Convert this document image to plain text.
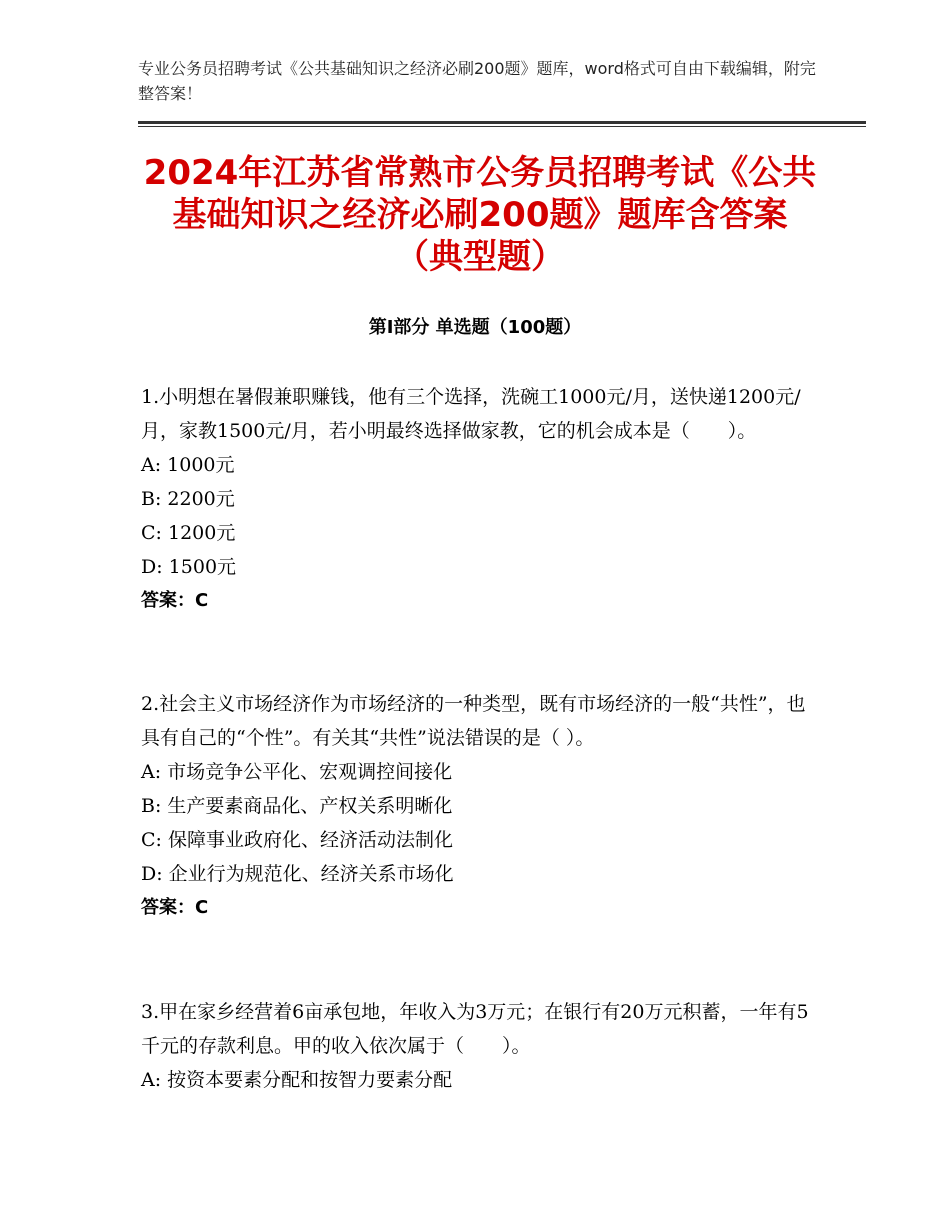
专业公务员招聘考试《公共基础知识之经济必刷200题》题库，word格式可自由下载编辑，附完整答案！
2024年江苏省常熟市公务员招聘考试《公共
基础知识之经济必刷200题》题库含答案
（典型题）
第Ⅰ部分 单选题（100题）

1.小明想在暑假兼职赚钱，他有三个选择，洗碗工1000元/月，送快递1200元/月，家教1500元/月，若小明最终选择做家教，它的机会成本是（　　）。

A: 1000元

B: 2200元

C: 1200元

D: 1500元

答案：C

2.社会主义市场经济作为市场经济的一种类型，既有市场经济的一般“共性”，也具有自己的“个性”。有关其“共性”说法错误的是（ ）。

A: 市场竞争公平化、宏观调控间接化

B: 生产要素商品化、产权关系明晰化

C: 保障事业政府化、经济活动法制化

D: 企业行为规范化、经济关系市场化

答案：C

3.甲在家乡经营着6亩承包地，年收入为3万元；在银行有20万元积蓄，一年有5千元的存款利息。甲的收入依次属于（　　）。

A: 按资本要素分配和按智力要素分配
